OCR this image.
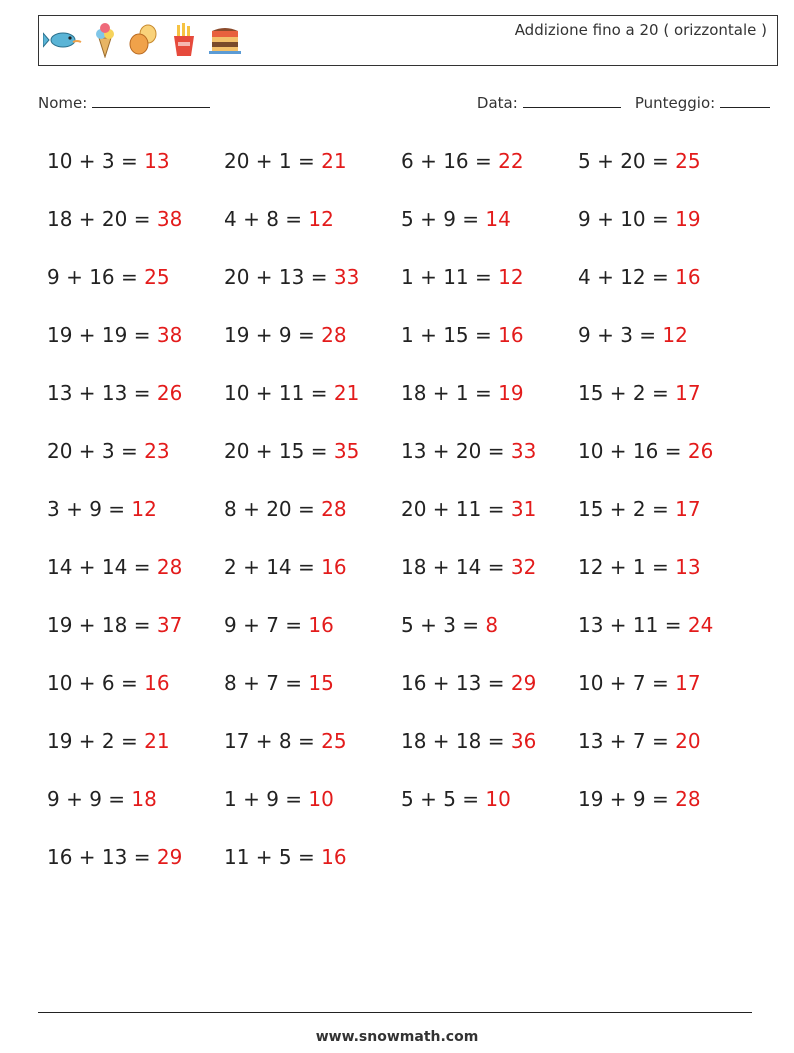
Addizione fino a 20 ( orizzontale )
Nome:	Data:	Punteggio:
10 + 3 = 13	20 + 1 = 21	6 + 16 = 22	5 + 20 = 25
18 + 20 = 38	4 + 8 = 12	5 + 9 = 14	9 + 10 = 19
9 + 16 = 25	20 + 13 = 33	1 + 11 = 12	4 + 12 = 16
19 + 19 = 38	19 + 9 = 28	1 + 15 = 16	9 + 3 = 12
13 + 13 = 26	10 + 11 = 21	18 + 1 = 19	15 + 2 = 17
20 + 3 = 23	20 + 15 = 35	13 + 20 = 33	10 + 16 = 26
3 + 9 = 12	8 + 20 = 28	20 + 11 = 31	15 + 2 = 17
14 + 14 = 28	2 + 14 = 16	18 + 14 = 32	12 + 1 = 13
19 + 18 = 37	9 + 7 = 16	5 + 3 = 8	13 + 11 = 24
10 + 6 = 16	8 + 7 = 15	16 + 13 = 29	10 + 7 = 17
19 + 2 = 21	17 + 8 = 25	18 + 18 = 36	13 + 7 = 20
9 + 9 = 18	1 + 9 = 10	5 + 5 = 10	19 + 9 = 28
16 + 13 = 29	11 + 5 = 16
www.snowmath.com
